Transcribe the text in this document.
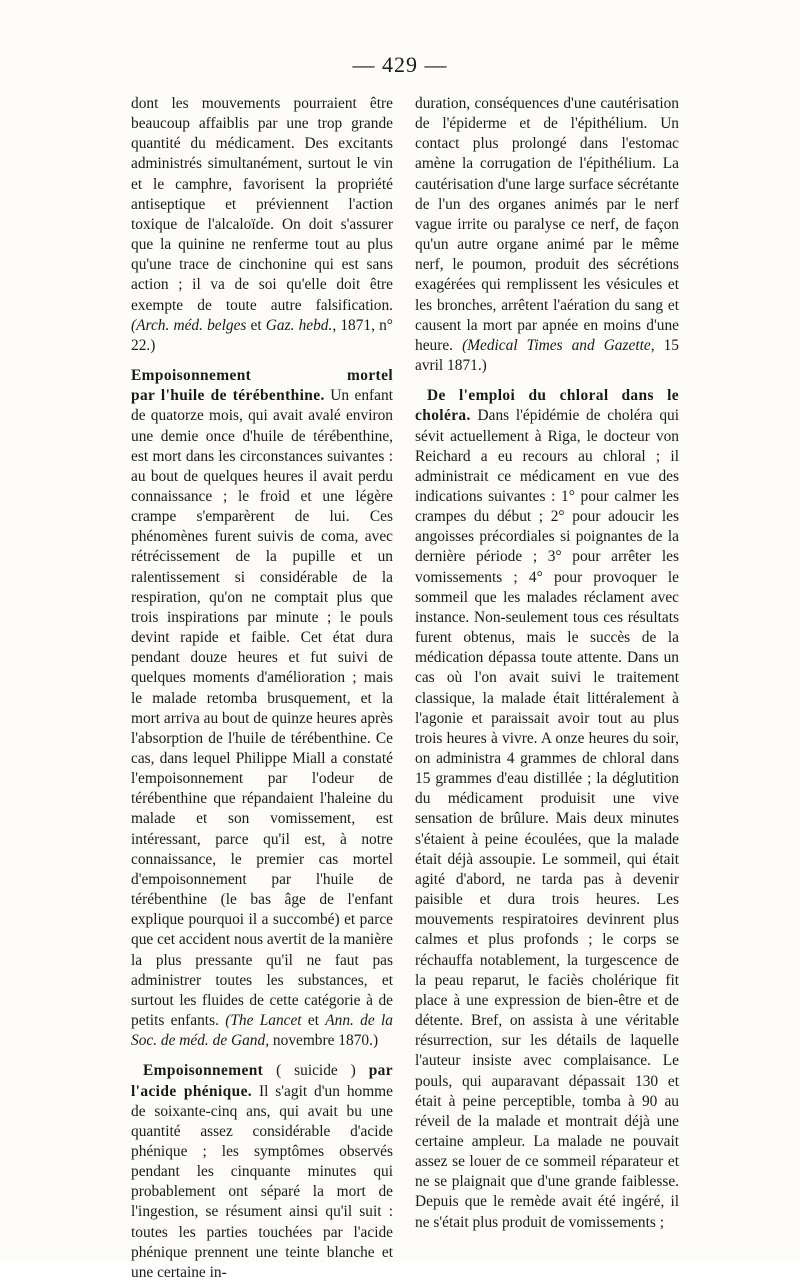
— 429 —

dont les mouvements pourraient être beaucoup affaiblis par une trop grande quantité du médicament. Des excitants administrés simultanément, surtout le vin et le camphre, favorisent la propriété antiseptique et préviennent l'action toxique de l'alcaloïde. On doit s'assurer que la quinine ne renferme tout au plus qu'une trace de cinchonine qui est sans action ; il va de soi qu'elle doit être exempte de toute autre falsification. (Arch. méd. belges et Gaz. hebd., 1871, n° 22.)

Empoisonnement mortel

par l'huile de térébenthine. Un enfant de quatorze mois, qui avait avalé environ une demie once d'huile de térébenthine, est mort dans les circonstances suivantes : au bout de quelques heures il avait perdu connaissance ; le froid et une légère crampe s'emparèrent de lui. Ces phénomènes furent suivis de coma, avec rétrécissement de la pupille et un ralentissement si considérable de la respiration, qu'on ne comptait plus que trois inspirations par minute ; le pouls devint rapide et faible. Cet état dura pendant douze heures et fut suivi de quelques moments d'amélioration ; mais le malade retomba brusquement, et la mort arriva au bout de quinze heures après l'absorption de l'huile de térébenthine. Ce cas, dans lequel Philippe Miall a constaté l'empoisonnement par l'odeur de térébenthine que répandaient l'haleine du malade et son vomissement, est intéressant, parce qu'il est, à notre connaissance, le premier cas mortel d'empoisonnement par l'huile de térébenthine (le bas âge de l'enfant explique pourquoi il a succombé) et parce que cet accident nous avertit de la manière la plus pressante qu'il ne faut pas administrer toutes les substances, et surtout les fluides de cette catégorie à de petits enfants. (The Lancet et Ann. de la Soc. de méd. de Gand, novembre 1870.)

Empoisonnement ( suicide ) par l'acide phénique. Il s'agit d'un homme de soixante-cinq ans, qui avait bu une quantité assez considérable d'acide phénique ; les symptômes observés pendant les cinquante minutes qui probablement ont séparé la mort de l'ingestion, se résument ainsi qu'il suit : toutes les parties touchées par l'acide phénique prennent une teinte blanche et une certaine in-

duration, conséquences d'une cautérisation de l'épiderme et de l'épithélium. Un contact plus prolongé dans l'estomac amène la corrugation de l'épithélium. La cautérisation d'une large surface sécrétante de l'un des organes animés par le nerf vague irrite ou paralyse ce nerf, de façon qu'un autre organe animé par le même nerf, le poumon, produit des sécrétions exagérées qui remplissent les vésicules et les bronches, arrêtent l'aération du sang et causent la mort par apnée en moins d'une heure. (Medical Times and Gazette, 15 avril 1871.)

De l'emploi du chloral dans le choléra. Dans l'épidémie de choléra qui sévit actuellement à Riga, le docteur von Reichard a eu recours au chloral ; il administrait ce médicament en vue des indications suivantes : 1° pour calmer les crampes du début ; 2° pour adoucir les angoisses précordiales si poignantes de la dernière période ; 3° pour arrêter les vomissements ; 4° pour provoquer le sommeil que les malades réclament avec instance. Non-seulement tous ces résultats furent obtenus, mais le succès de la médication dépassa toute attente. Dans un cas où l'on avait suivi le traitement classique, la malade était littéralement à l'agonie et paraissait avoir tout au plus trois heures à vivre. A onze heures du soir, on administra 4 grammes de chloral dans 15 grammes d'eau distillée ; la déglutition du médicament produisit une vive sensation de brûlure. Mais deux minutes s'étaient à peine écoulées, que la malade était déjà assoupie. Le sommeil, qui était agité d'abord, ne tarda pas à devenir paisible et dura trois heures. Les mouvements respiratoires devinrent plus calmes et plus profonds ; le corps se réchauffa notablement, la turgescence de la peau reparut, le faciès cholérique fit place à une expression de bien-être et de détente. Bref, on assista à une véritable résurrection, sur les détails de laquelle l'auteur insiste avec complaisance. Le pouls, qui auparavant dépassait 130 et était à peine perceptible, tomba à 90 au réveil de la malade et montrait déjà une certaine ampleur. La malade ne pouvait assez se louer de ce sommeil réparateur et ne se plaignait que d'une grande faiblesse. Depuis que le remède avait été ingéré, il ne s'était plus produit de vomissements ;
